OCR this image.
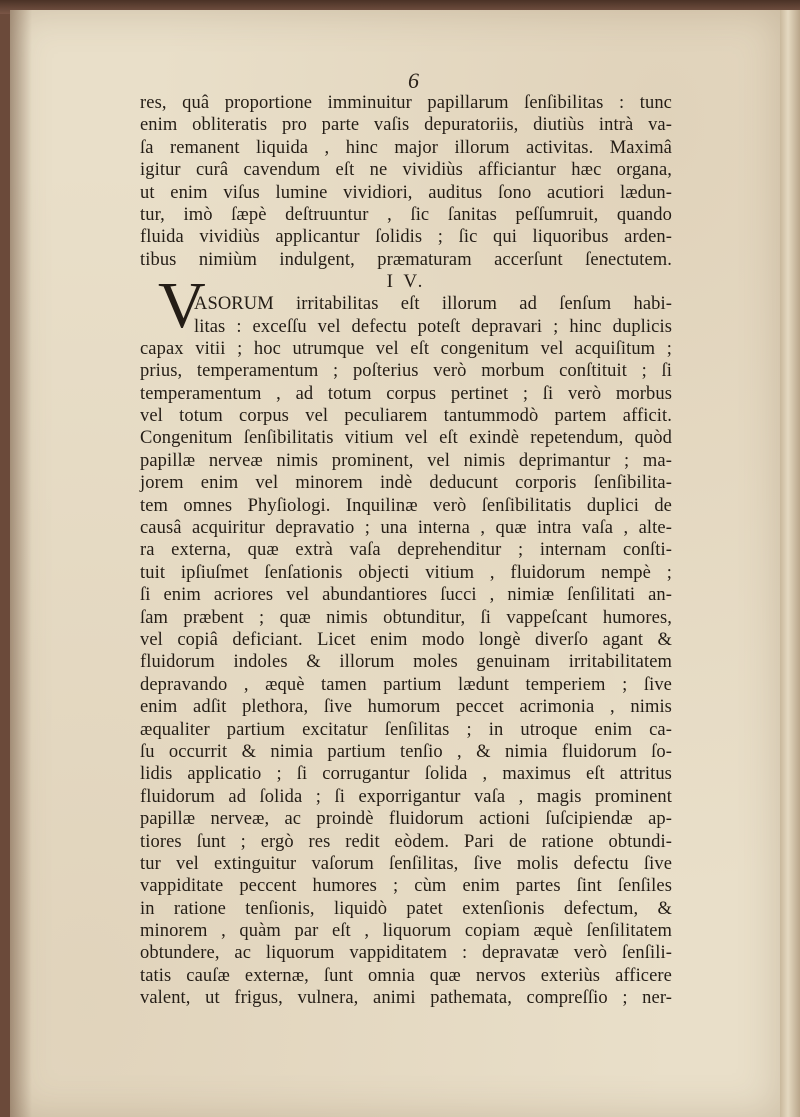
6
V
res, quâ proportione imminuitur papillarum ſenſibilitas : tunc
enim obliteratis pro parte vaſis depuratoriis, diutiùs intrà va-
ſa remanent liquida , hinc major illorum activitas. Maximâ
igitur curâ cavendum eſt ne vividiùs afficiantur hæc organa,
ut enim viſus lumine vividiori, auditus ſono acutiori lædun-
tur, imò ſæpè deſtruuntur , ſic ſanitas peſſumruit, quando
fluida vividiùs applicantur ſolidis ; ſic qui liquoribus arden-
tibus nimiùm indulgent, præmaturam accerſunt ſenectutem.
I V.
ASORUM irritabilitas eſt illorum ad ſenſum habi-
litas : exceſſu vel defectu poteſt depravari ; hinc duplicis
capax vitii ; hoc utrumque vel eſt congenitum vel acquiſitum ;
prius, temperamentum ; poſterius verò morbum conſtituit ; ſi
temperamentum , ad totum corpus pertinet ; ſi verò morbus
vel totum corpus vel peculiarem tantummodò partem afficit.
Congenitum ſenſibilitatis vitium vel eſt exindè repetendum, quòd
papillæ nerveæ nimis prominent, vel nimis deprimantur ; ma-
jorem enim vel minorem indè deducunt corporis ſenſibilita-
tem omnes Phyſiologi. Inquilinæ verò ſenſibilitatis duplici de
causâ acquiritur depravatio ; una interna , quæ intra vaſa , alte-
ra externa, quæ extrà vaſa deprehenditur ; internam conſti-
tuit ipſiuſmet ſenſationis objecti vitium , fluidorum nempè ;
ſi enim acriores vel abundantiores ſucci , nimiæ ſenſilitati an-
ſam præbent ; quæ nimis obtunditur, ſi vappeſcant humores,
vel copiâ deficiant. Licet enim modo longè diverſo agant &
fluidorum indoles & illorum moles genuinam irritabilitatem
depravando , æquè tamen partium lædunt temperiem ; ſive
enim adſit plethora, ſive humorum peccet acrimonia , nimis
æqualiter partium excitatur ſenſilitas ; in utroque enim ca-
ſu occurrit & nimia partium tenſio , & nimia fluidorum ſo-
lidis applicatio ; ſi corrugantur ſolida , maximus eſt attritus
fluidorum ad ſolida ; ſi exporrigantur vaſa , magis prominent
papillæ nerveæ, ac proindè fluidorum actioni ſuſcipiendæ ap-
tiores ſunt ; ergò res redit eòdem. Pari de ratione obtundi-
tur vel extinguitur vaſorum ſenſilitas, ſive molis defectu ſive
vappiditate peccent humores ; cùm enim partes ſint ſenſiles
in ratione tenſionis, liquidò patet extenſionis defectum, &
minorem , quàm par eſt , liquorum copiam æquè ſenſilitatem
obtundere, ac liquorum vappiditatem : depravatæ verò ſenſili-
tatis cauſæ externæ, ſunt omnia quæ nervos exteriùs afficere
valent, ut frigus, vulnera, animi pathemata, compreſſio ; ner-
